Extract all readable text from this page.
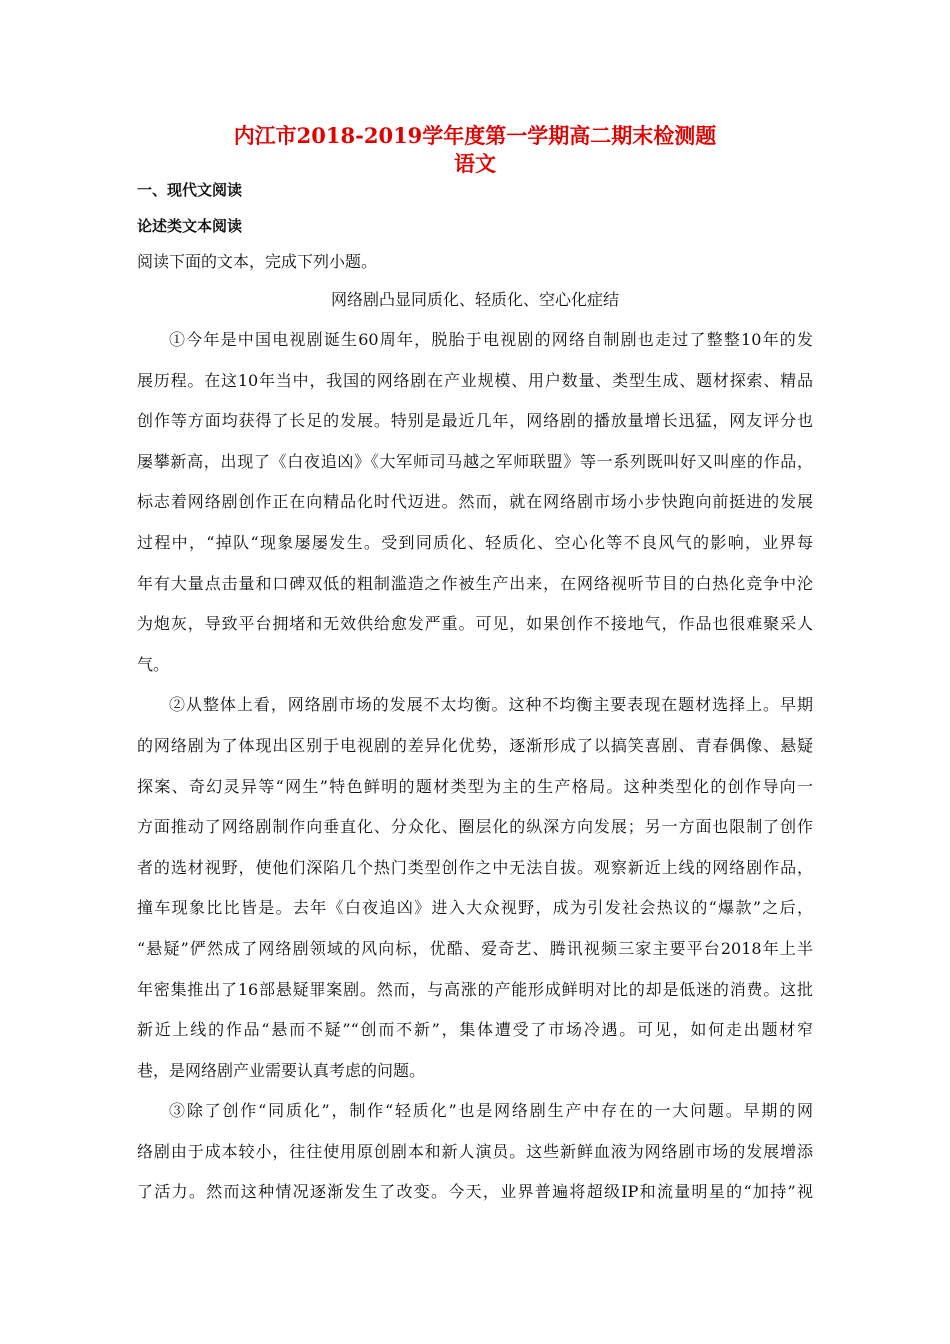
内江市2018-2019学年度第一学期高二期末检测题
语文
一、现代文阅读
论述类文本阅读
阅读下面的文本，完成下列小题。
网络剧凸显同质化、轻质化、空心化症结
①今年是中国电视剧诞生60周年，脱胎于电视剧的网络自制剧也走过了整整10年的发
展历程。在这10年当中，我国的网络剧在产业规模、用户数量、类型生成、题材探索、精品
创作等方面均获得了长足的发展。特别是最近几年，网络剧的播放量增长迅猛，网友评分也
屡攀新高，出现了《白夜追凶》《大军师司马越之军师联盟》等一系列既叫好又叫座的作品，
标志着网络剧创作正在向精品化时代迈进。然而，就在网络剧市场小步快跑向前挺进的发展
过程中，“掉队“现象屡屡发生。受到同质化、轻质化、空心化等不良风气的影响，业界每
年有大量点击量和口碑双低的粗制滥造之作被生产出来，在网络视听节目的白热化竞争中沦
为炮灰，导致平台拥堵和无效供给愈发严重。可见，如果创作不接地气，作品也很难聚采人
气。
②从整体上看，网络剧市场的发展不太均衡。这种不均衡主要表现在题材选择上。早期
的网络剧为了体现出区别于电视剧的差异化优势，逐渐形成了以搞笑喜剧、青春偶像、悬疑
探案、奇幻灵异等“网生”特色鲜明的题材类型为主的生产格局。这种类型化的创作导向一
方面推动了网络剧制作向垂直化、分众化、圈层化的纵深方向发展；另一方面也限制了创作
者的选材视野，使他们深陷几个热门类型创作之中无法自拔。观察新近上线的网络剧作品，
撞车现象比比皆是。去年《白夜追凶》进入大众视野，成为引发社会热议的“爆款”之后，
“悬疑”俨然成了网络剧领域的风向标，优酷、爱奇艺、腾讯视频三家主要平台2018年上半
年密集推出了16部悬疑罪案剧。然而，与高涨的产能形成鲜明对比的却是低迷的消费。这批
新近上线的作品“悬而不疑”“创而不新”，集体遭受了市场冷遇。可见，如何走出题材窄
巷，是网络剧产业需要认真考虑的问题。
③除了创作“同质化”，制作“轻质化”也是网络剧生产中存在的一大问题。早期的网
络剧由于成本较小，往往使用原创剧本和新人演员。这些新鲜血液为网络剧市场的发展增添
了活力。然而这种情况逐渐发生了改变。今天，业界普遍将超级IP和流量明星的“加持”视
